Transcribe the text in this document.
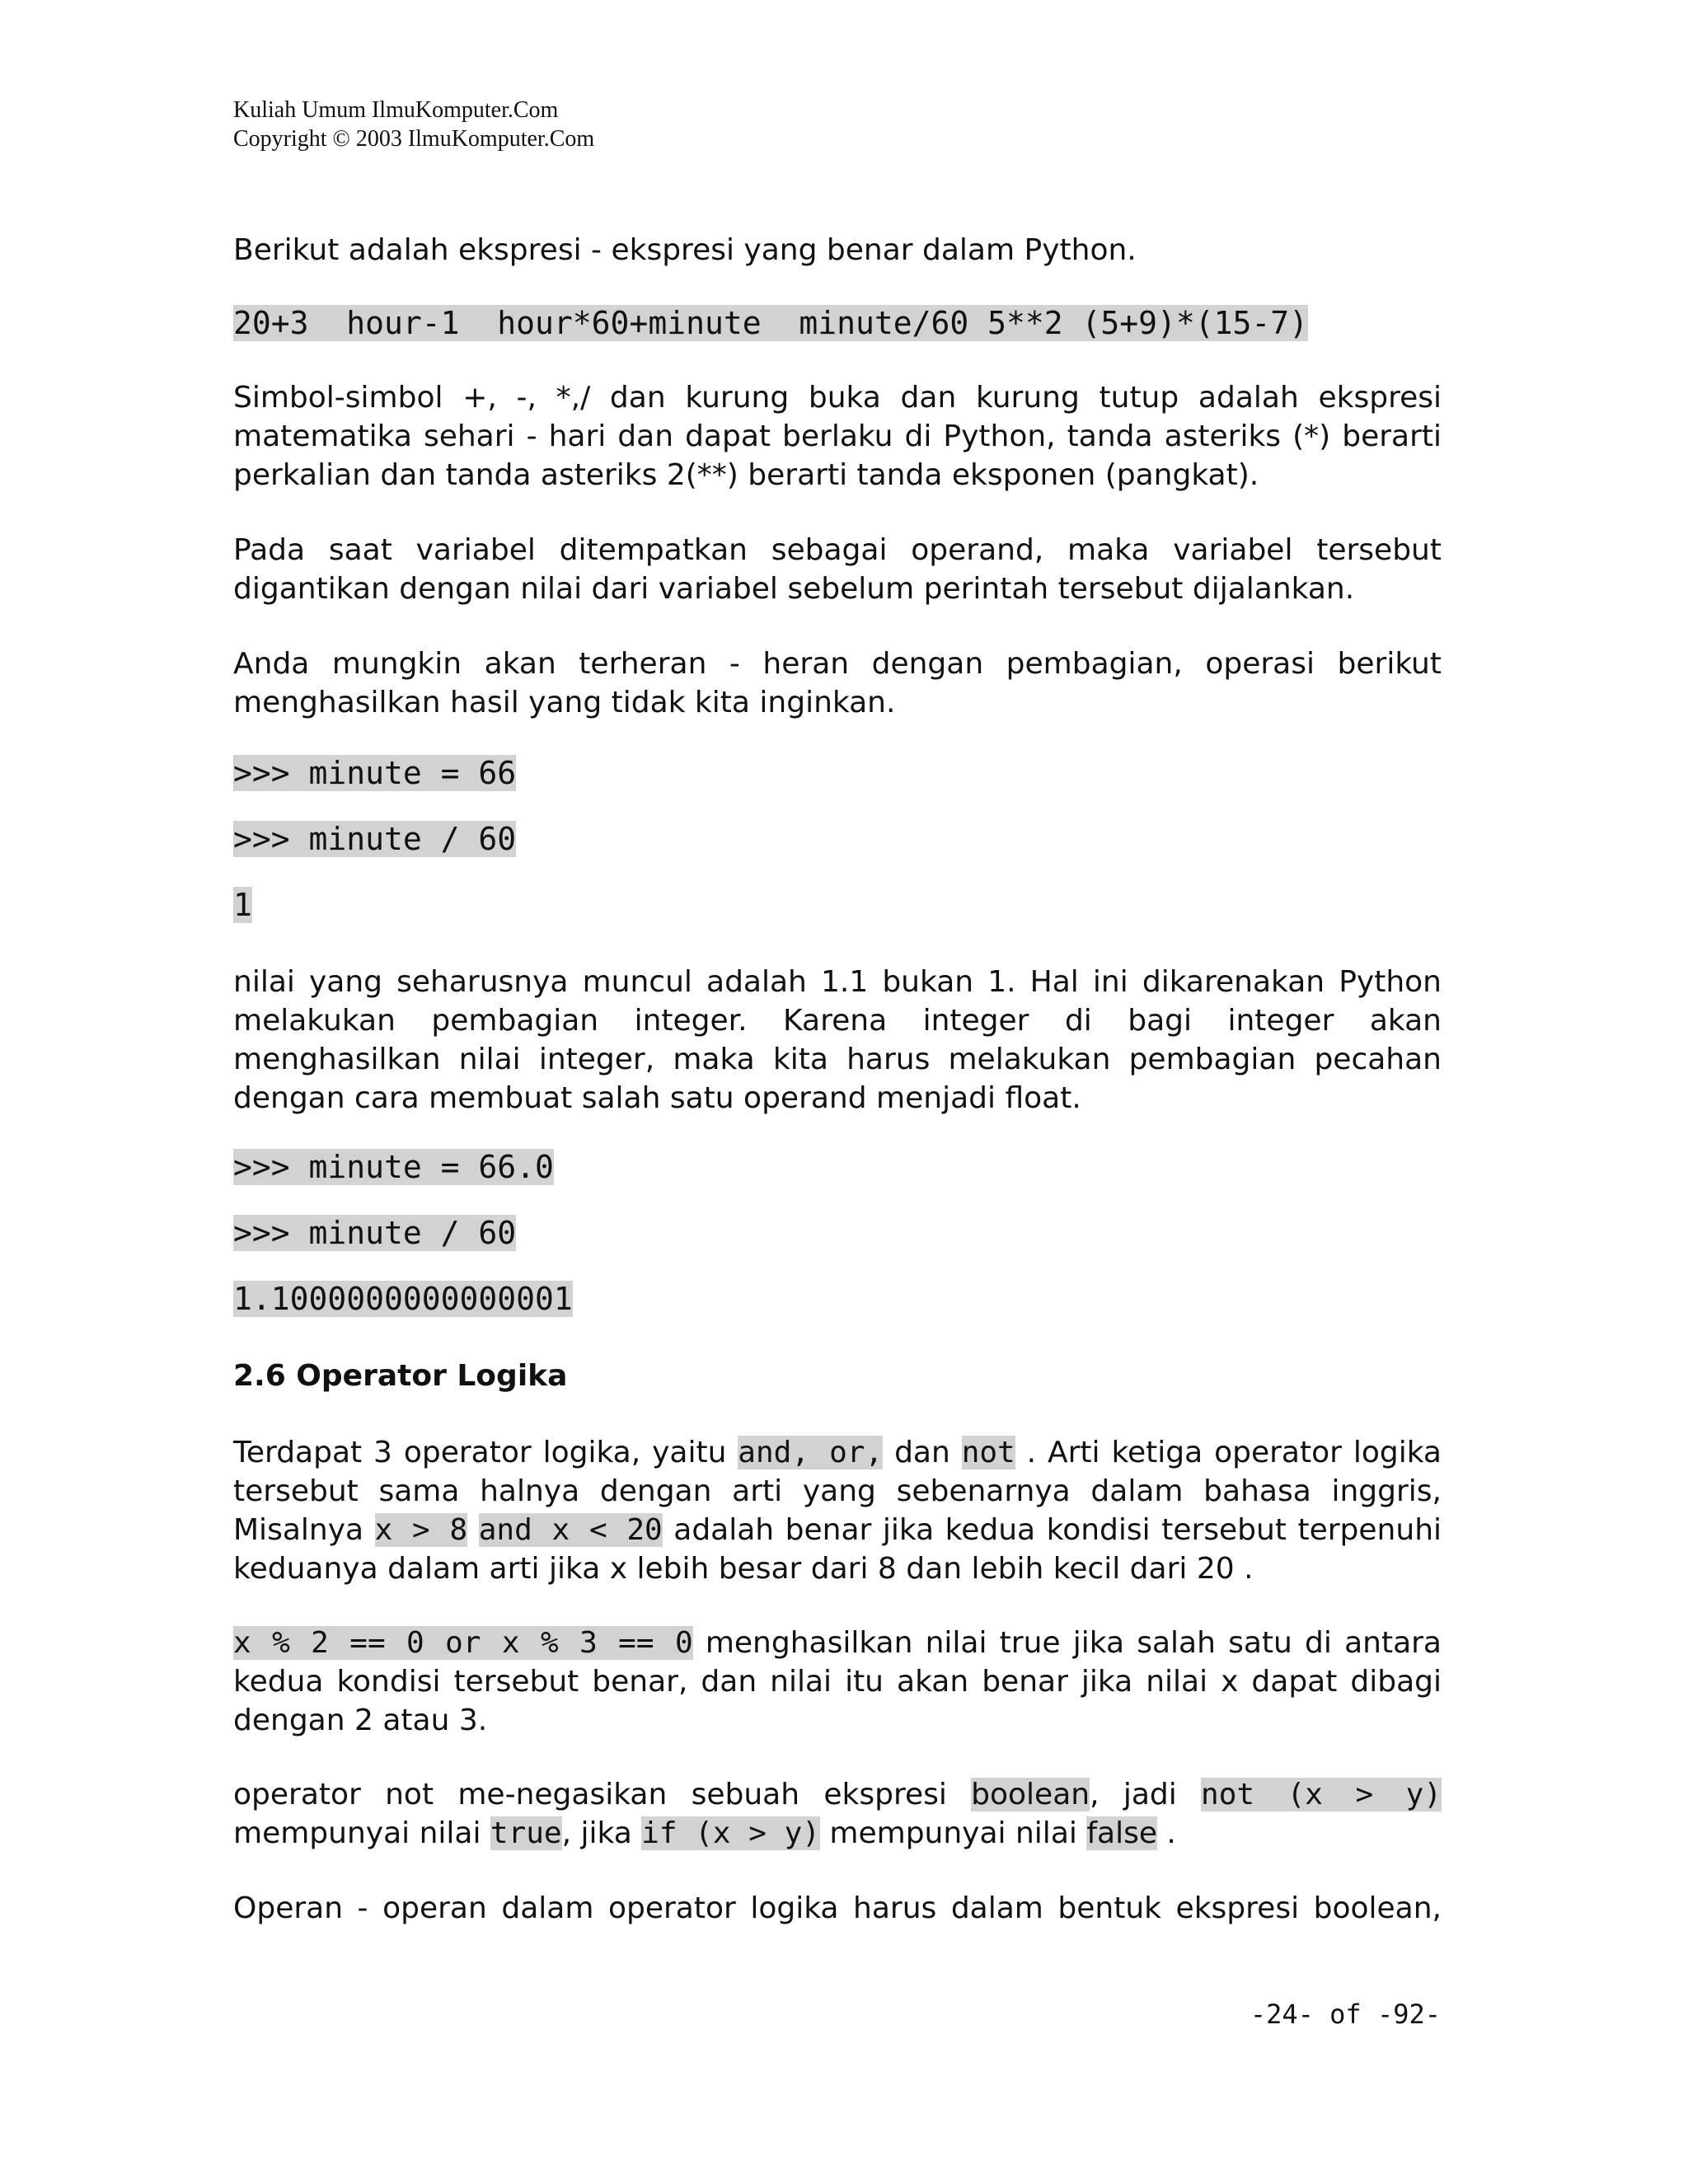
Kuliah Umum IlmuKomputer.Com
Copyright © 2003 IlmuKomputer.Com
Berikut adalah ekspresi - ekspresi yang benar dalam Python.
20+3  hour-1  hour*60+minute  minute/60 5**2 (5+9)*(15-7)
Simbol-simbol +, -, *,/ dan kurung buka dan kurung tutup adalah ekspresi matematika sehari - hari dan dapat berlaku di Python, tanda asteriks (*) berarti perkalian dan tanda asteriks 2(**) berarti tanda eksponen (pangkat).
Pada saat variabel ditempatkan sebagai operand, maka variabel tersebut digantikan dengan nilai dari variabel sebelum perintah tersebut dijalankan.
Anda mungkin akan terheran - heran dengan pembagian, operasi berikut menghasilkan hasil yang tidak kita inginkan.
>>> minute = 66
>>> minute / 60
1
nilai yang seharusnya muncul adalah 1.1 bukan 1. Hal ini dikarenakan Python melakukan pembagian integer. Karena integer di bagi integer akan menghasilkan nilai integer, maka kita harus melakukan pembagian pecahan dengan cara membuat salah satu operand menjadi float.
>>> minute = 66.0
>>> minute / 60
1.1000000000000001
2.6 Operator Logika
Terdapat 3 operator logika, yaitu and, or, dan not . Arti ketiga operator logika tersebut sama halnya dengan arti yang sebenarnya dalam bahasa inggris, Misalnya x > 8 and x < 20 adalah benar jika kedua kondisi tersebut terpenuhi keduanya dalam arti jika x lebih besar dari 8 dan lebih kecil dari 20 .
x % 2 == 0 or x % 3 == 0 menghasilkan nilai true jika salah satu di antara kedua kondisi tersebut benar, dan nilai itu akan benar jika nilai x dapat dibagi dengan 2 atau 3.
operator not me-negasikan sebuah ekspresi boolean, jadi not (x > y) mempunyai nilai true, jika if (x > y) mempunyai nilai false .
Operan - operan dalam operator logika harus dalam bentuk ekspresi boolean,
-24- of -92-
